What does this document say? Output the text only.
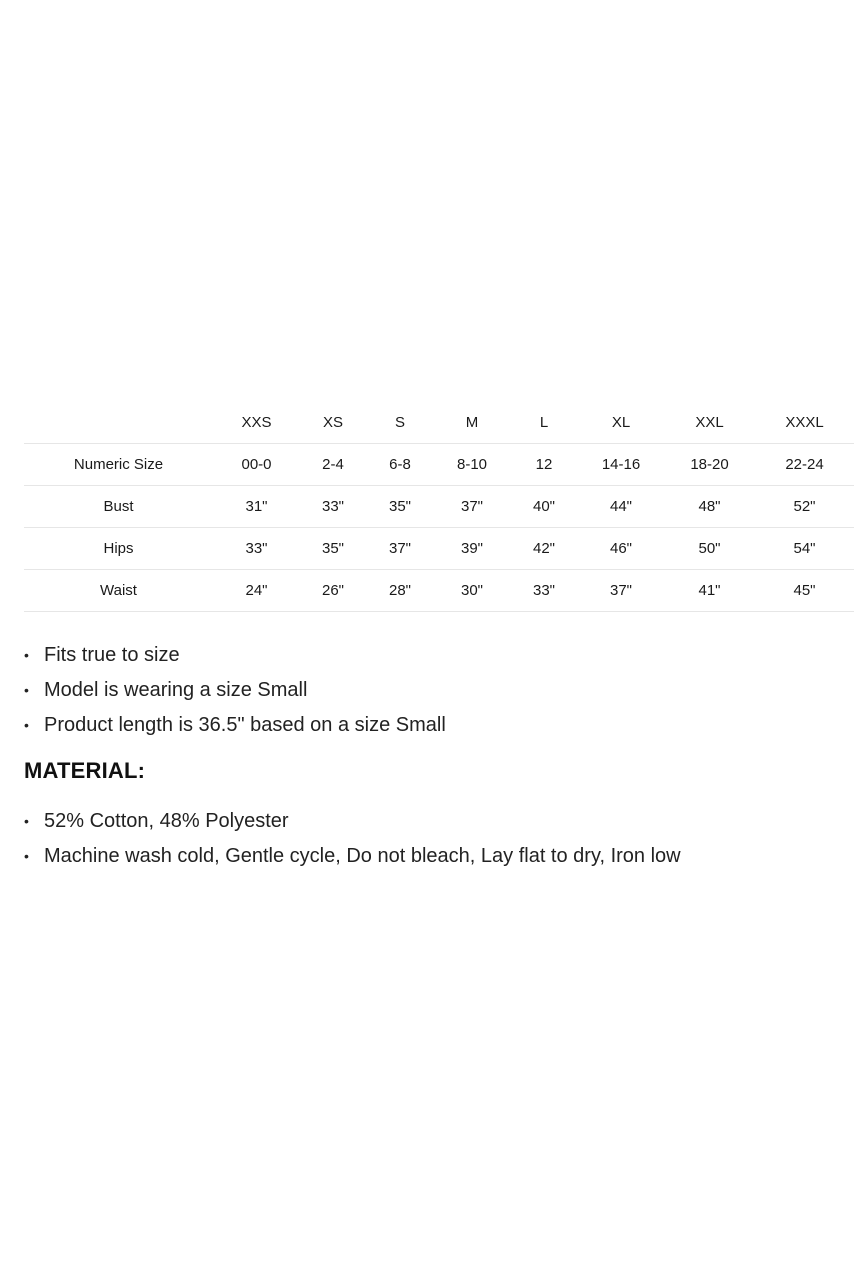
	XXS	XS	S	M	L	XL	XXL	XXXL
Numeric Size	00-0	2-4	6-8	8-10	12	14-16	18-20	22-24
Bust	31"	33"	35"	37"	40"	44"	48"	52"
Hips	33"	35"	37"	39"	42"	46"	50"	54"
Waist	24"	26"	28"	30"	33"	37"	41"	45"
• Fits true to size
• Model is wearing a size Small
• Product length is 36.5" based on a size Small
MATERIAL:
• 52% Cotton, 48% Polyester
• Machine wash cold, Gentle cycle, Do not bleach, Lay flat to dry, Iron low
